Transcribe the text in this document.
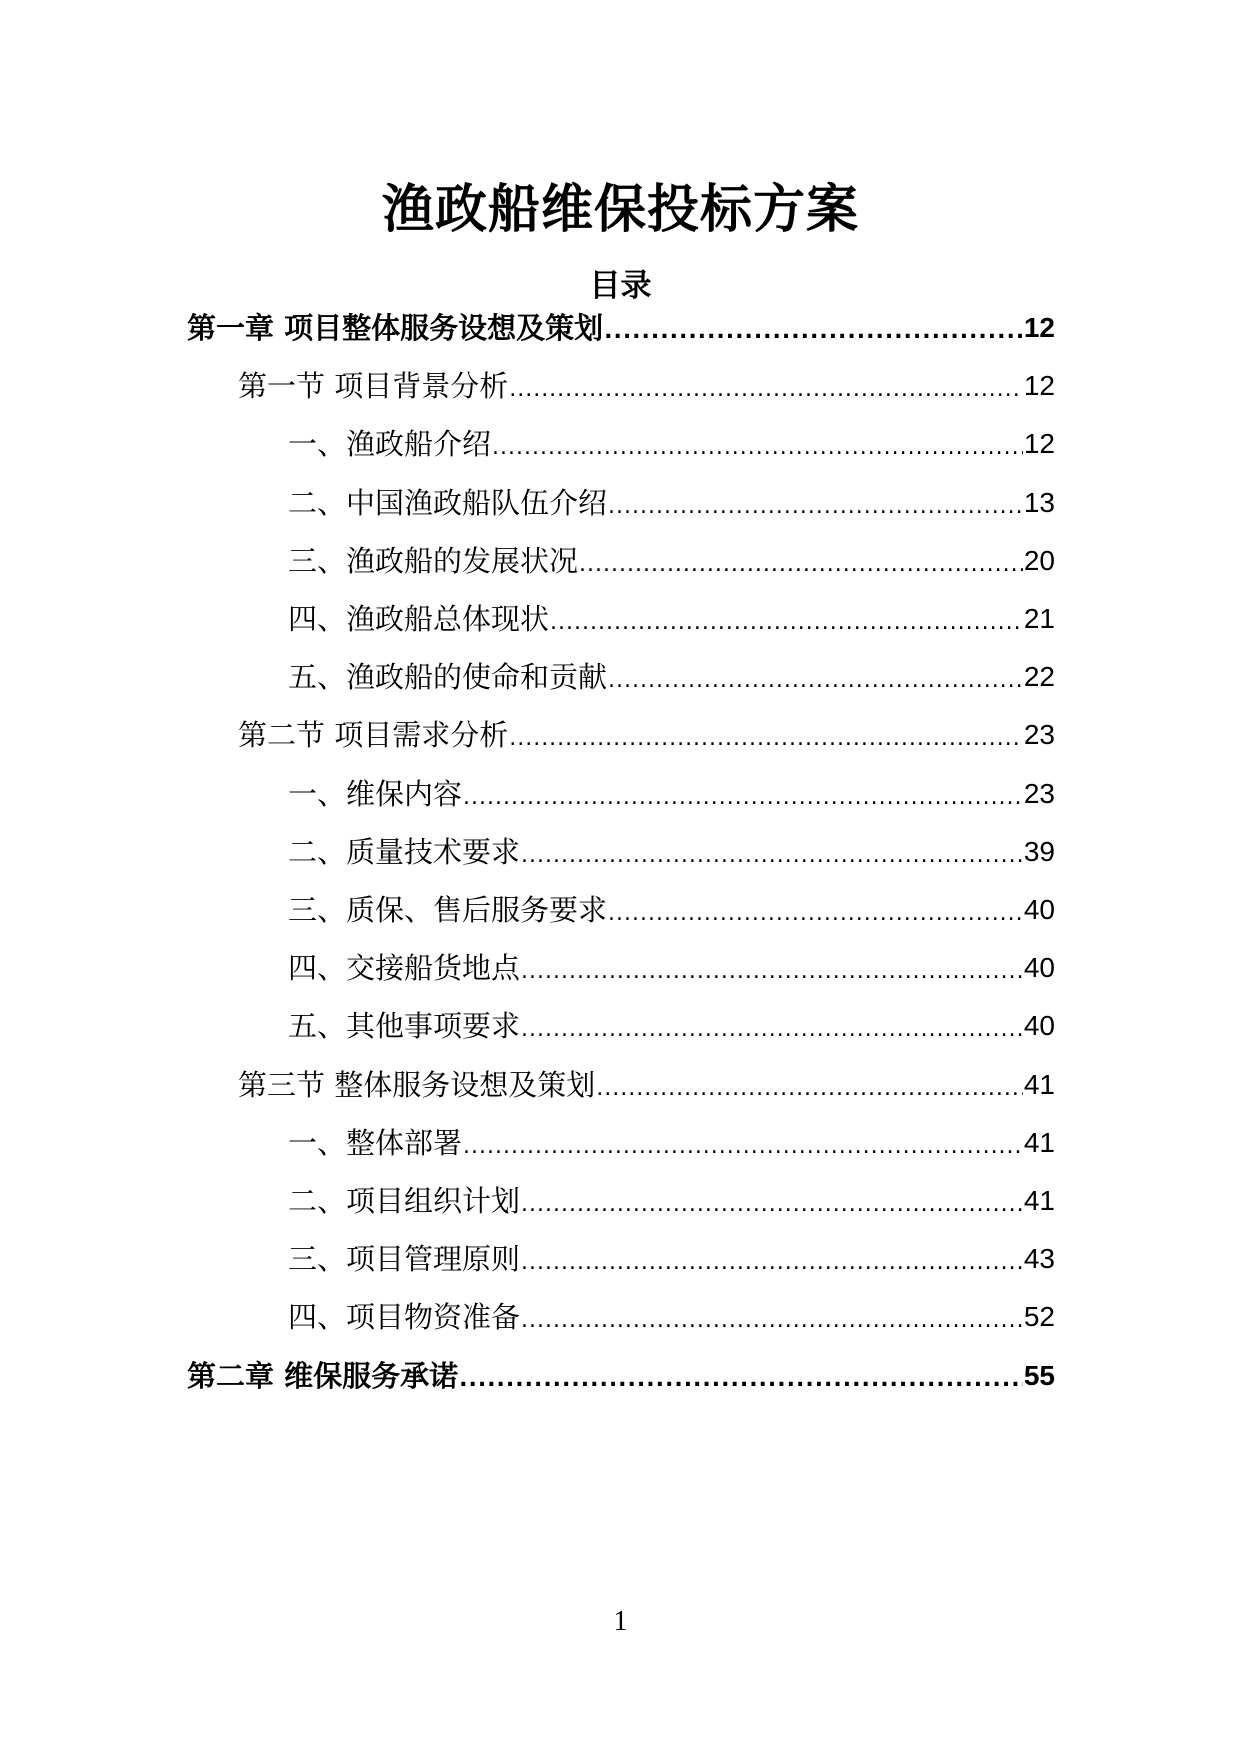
渔政船维保投标方案
目录
第一章 项目整体服务设想及策划 .....	12
第一节 项目背景分析 .....	12
一、渔政船介绍 .....	12
二、中国渔政船队伍介绍 .....	13
三、渔政船的发展状况 .....	20
四、渔政船总体现状 .....	21
五、渔政船的使命和贡献 .....	22
第二节 项目需求分析 .....	23
一、维保内容 .....	23
二、质量技术要求 .....	39
三、质保、售后服务要求 .....	40
四、交接船货地点 .....	40
五、其他事项要求 .....	40
第三节 整体服务设想及策划 .....	41
一、整体部署 .....	41
二、项目组织计划 .....	41
三、项目管理原则 .....	43
四、项目物资准备 .....	52
第二章 维保服务承诺 .....	55
1
